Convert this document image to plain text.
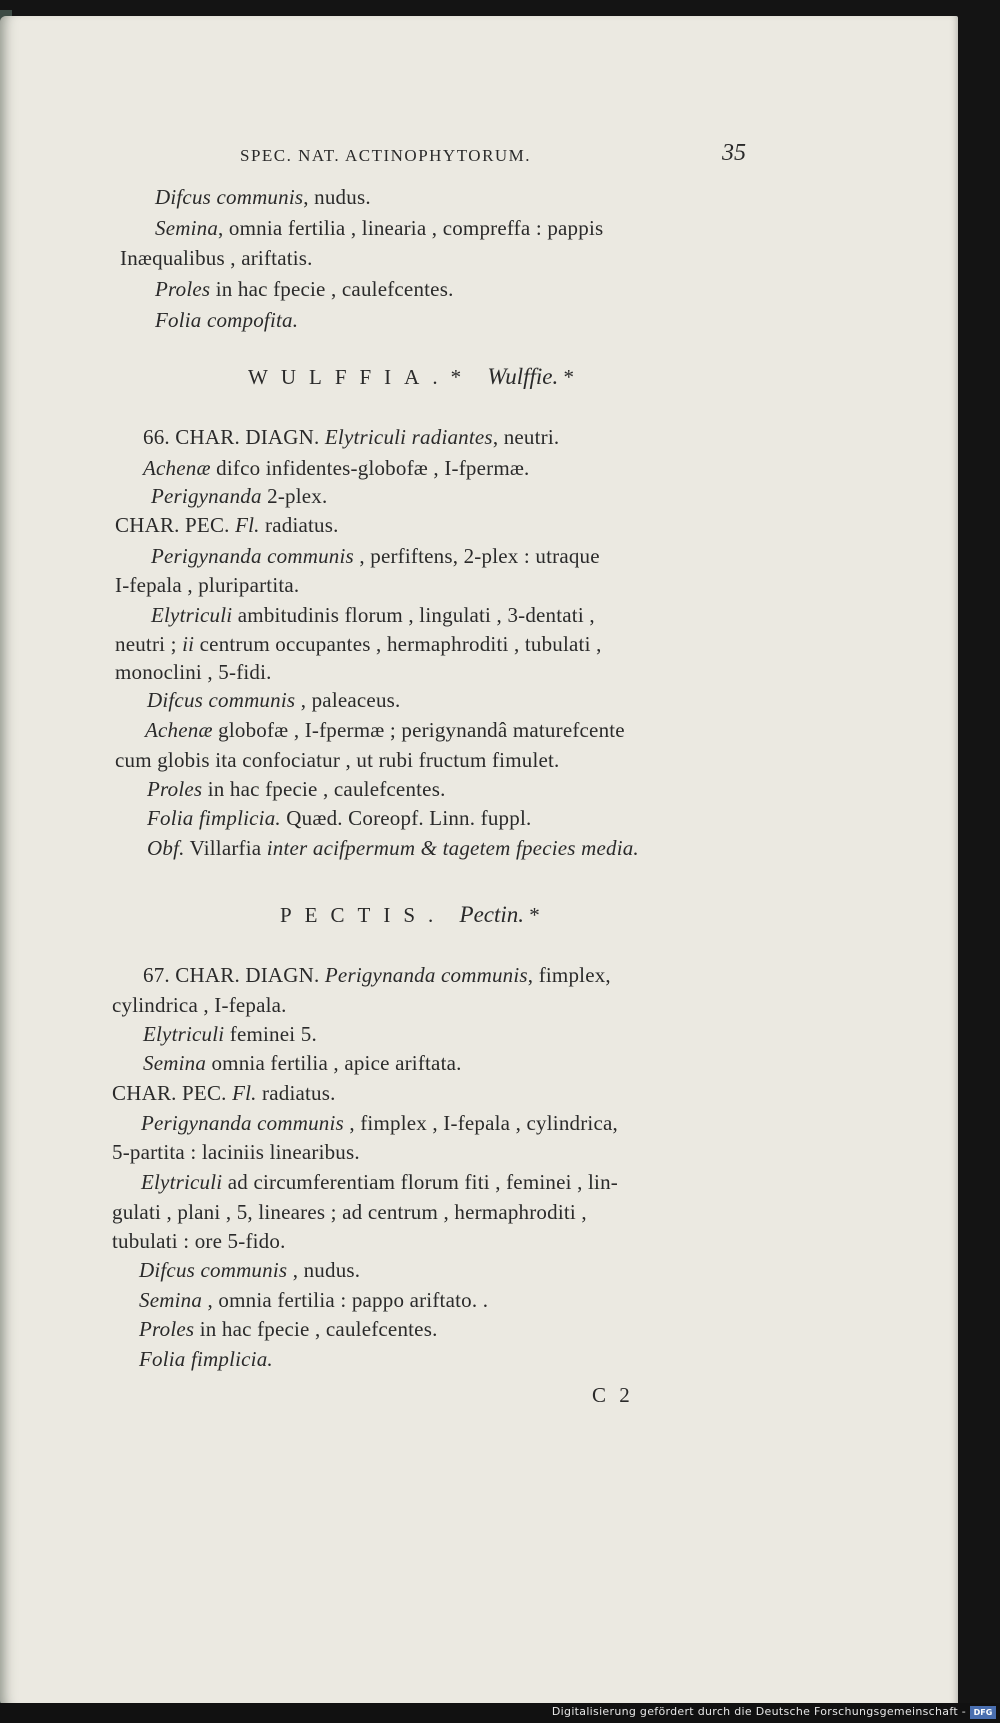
SPEC. NAT. ACTINOPHYTORUM.	35
Difcus communis, nudus.
Semina, omnia fertilia , linearia , compreffa : pappis
Inæqualibus , ariftatis.
Proles in hac fpecie , caulefcentes.
Folia compofita.
WULFFIA.* Wulffie. *
66. CHAR. DIAGN. Elytriculi radiantes, neutri.
Achenæ difco infidentes-globofæ , I-fpermæ.
Perigynanda 2-plex.
CHAR. PEC. Fl. radiatus.
Perigynanda communis , perfiftens, 2-plex : utraque
I-fepala , pluripartita.
Elytriculi ambitudinis florum , lingulati , 3-dentati ,
neutri ; ii centrum occupantes , hermaphroditi , tubulati ,
monoclini , 5-fidi.
Difcus communis , paleaceus.
Achenæ globofæ , I-fpermæ ; perigynandâ maturefcente
cum globis ita confociatur , ut rubi fructum fimulet.
Proles in hac fpecie , caulefcentes.
Folia fimplicia. Quæd. Coreopf. Linn. fuppl.
Obf. Villarfia inter acifpermum & tagetem fpecies media.
PECTIS. Pectin. *
67. CHAR. DIAGN. Perigynanda communis, fimplex,
cylindrica , I-fepala.
Elytriculi feminei 5.
Semina omnia fertilia , apice ariftata.
CHAR. PEC. Fl. radiatus.
Perigynanda communis , fimplex , I-fepala , cylindrica,
5-partita : laciniis linearibus.
Elytriculi ad circumferentiam florum fiti , feminei , lin-
gulati , plani , 5, lineares ; ad centrum , hermaphroditi ,
tubulati : ore 5-fido.
Difcus communis , nudus.
Semina , omnia fertilia : pappo ariftato. .
Proles in hac fpecie , caulefcentes.
Folia fimplicia.
C 2
Digitalisierung gefördert durch die Deutsche Forschungsgemeinschaft - DFG
